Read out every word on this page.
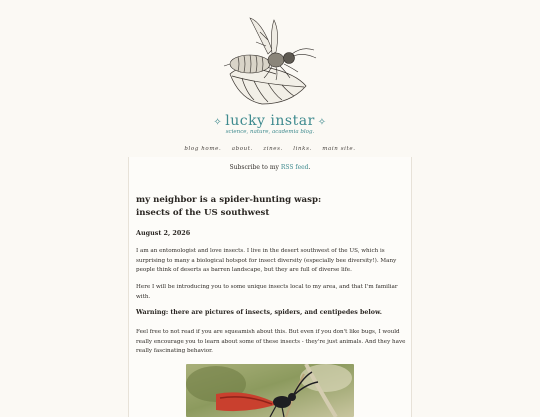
✧ lucky instar ✧
science, nature, academia blog.
blog home. about. zines. links. main site.
Subscribe to my RSS feed.
my neighbor is a spider-hunting wasp:
insects of the US southwest
August 2, 2026

I am an entomologist and love insects. I live in the desert southwest of the US, which is surprising to many a biological hotspot for insect diversity (especially bee diversity!). Many people think of deserts as barren landscape, but they are full of diverse life.

Here I will be introducing you to some unique insects local to my area, and that I'm familiar with.

Warning: there are pictures of insects, spiders, and centipedes below.

Feel free to not read if you are squeamish about this. But even if you don't like bugs, I would really encourage you to learn about some of these insects - they're just animals. And they have really fascinating behavior.
